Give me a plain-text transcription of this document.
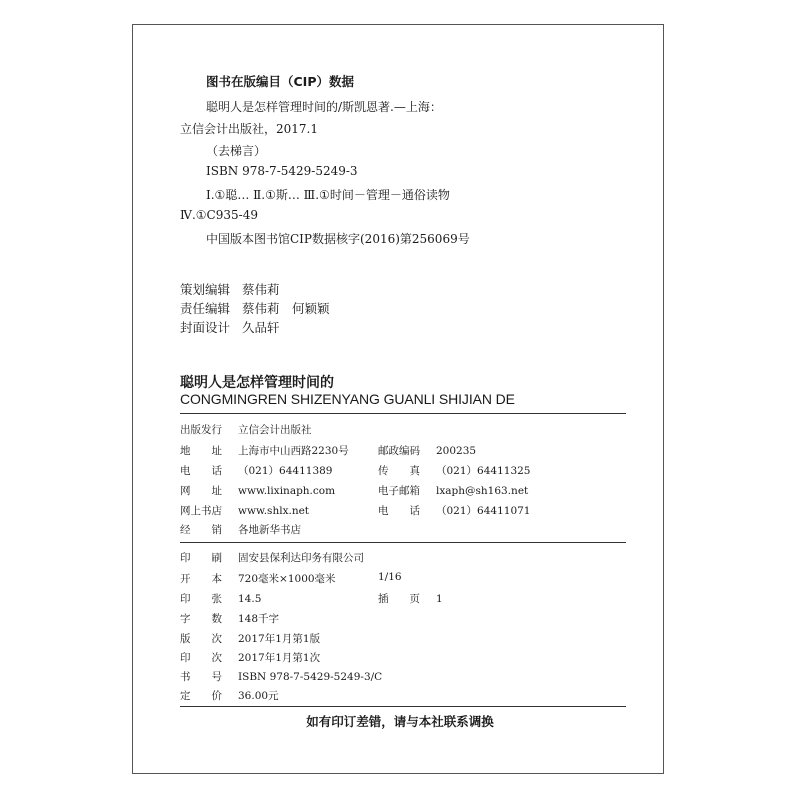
图书在版编目（CIP）数据
聪明人是怎样管理时间的/斯凯恩著.—上海：
立信会计出版社，2017.1
（去梯言）
ISBN 978-7-5429-5249-3
Ⅰ.①聪… Ⅱ.①斯… Ⅲ.①时间－管理－通俗读物
Ⅳ.①C935-49
中国版本图书馆CIP数据核字(2016)第256069号
策划编辑 蔡伟莉
责任编辑 蔡伟莉　何颖颖
封面设计 久品轩
聪明人是怎样管理时间的
CONGMINGREN SHIZENYANG GUANLI SHIJIAN DE
出版发行 立信会计出版社
地　址 上海市中山西路2230号	邮政编码 200235
电　话 （021）64411389	传　真 （021）64411325
网　址 www.lixinaph.com	电子邮箱 lxaph@sh163.net
网上书店 www.shlx.net	电　话 （021）64411071
经　销 各地新华书店
印　刷 固安县保利达印务有限公司
开　本 720毫米×1000毫米	1/16
印　张 14.5	插　页 1
字　数 148千字
版　次 2017年1月第1版
印　次 2017年1月第1次
书　号 ISBN 978-7-5429-5249-3/C
定　价 36.00元
如有印订差错，请与本社联系调换
